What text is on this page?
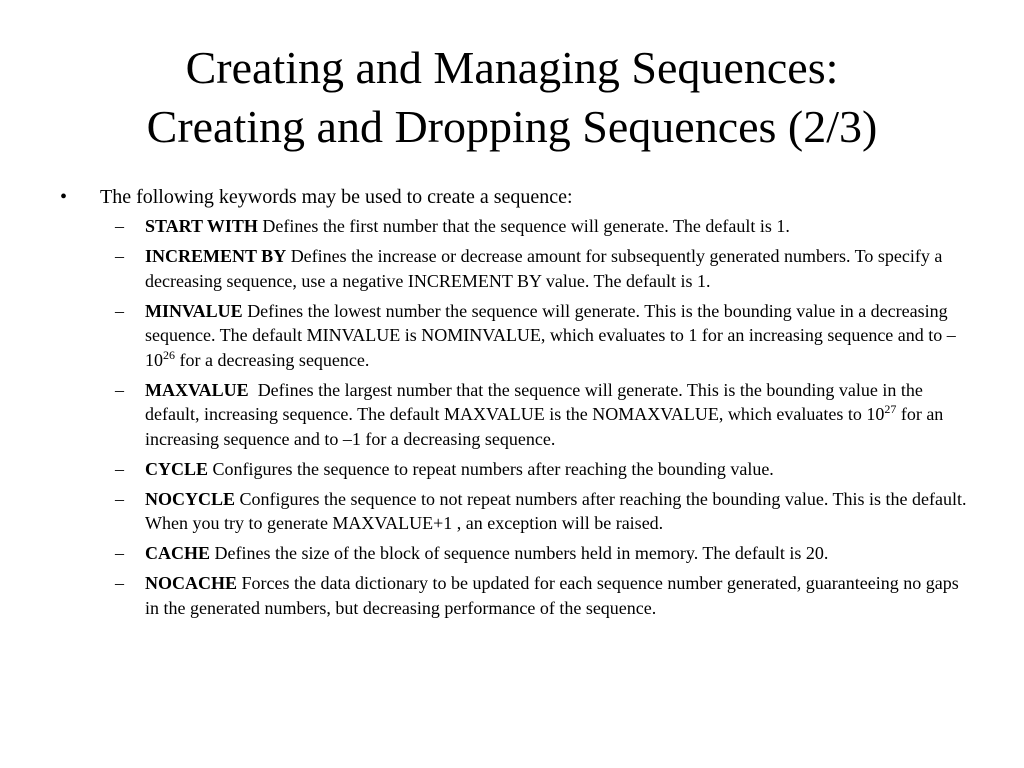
Creating and Managing Sequences:
Creating and Dropping Sequences (2/3)
• The following keywords may be used to create a sequence:
– START WITH Defines the first number that the sequence will generate. The default is 1.
– INCREMENT BY Defines the increase or decrease amount for subsequently generated numbers. To specify a decreasing sequence, use a negative INCREMENT BY value. The default is 1.
– MINVALUE Defines the lowest number the sequence will generate. This is the bounding value in a decreasing sequence. The default MINVALUE is NOMINVALUE, which evaluates to 1 for an increasing sequence and to $-10^{26}$ for a decreasing sequence.
– MAXVALUE  Defines the largest number that the sequence will generate. This is the bounding value in the default, increasing sequence. The default MAXVALUE is the NOMAXVALUE, which evaluates to $10^{27}$ for an increasing sequence and to –1 for a decreasing sequence.
– CYCLE Configures the sequence to repeat numbers after reaching the bounding value.
– NOCYCLE Configures the sequence to not repeat numbers after reaching the bounding value. This is the default. When you try to generate MAXVALUE+1 , an exception will be raised.
– CACHE Defines the size of the block of sequence numbers held in memory. The default is 20.
– NOCACHE Forces the data dictionary to be updated for each sequence number generated, guaranteeing no gaps in the generated numbers, but decreasing performance of the sequence.
